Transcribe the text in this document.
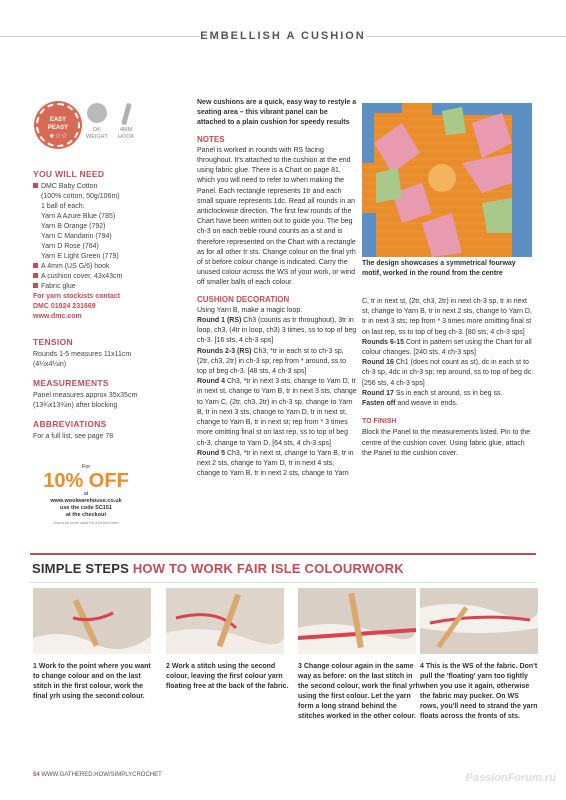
EMBELLISH A CUSHION
EASY
PEASY
★☆☆
DK
WEIGHT
4MM
HOOK
YOU WILL NEED
DMC Baby Cotton
(100% cotton, 50g/106m)
1 ball of each:
Yarn A Azure Blue (785)
Yarn B Orange (792)
Yarn C Mandarin (794)
Yarn D Rose (764)
Yarn E Light Green (779)
A 4mm (US G/6) hook
A cushion cover, 43x43cm
Fabric glue
For yarn stockists contact
DMC 01924 231669
www.dmc.com
TENSION
Rounds 1-5 measures 11x11cm
(4¼x4¼in)
MEASUREMENTS
Panel measures approx 35x35cm
(13¾x13¾in) after blocking
ABBREVIATIONS
For a full list, see page 78
For
10% OFF
at
www.woolwarehouse.co.uk
use the code SC151
at the checkout
Discount code valid for a limited time

New cushions are a quick, easy way to restyle a seating area – this vibrant panel can be attached to a plain cushion for speedy results

NOTES

Panel is worked in rounds with RS facing throughout. It's attached to the cushion at the end using fabric glue. There is a Chart on page 81, which you will need to refer to when making the Panel. Each rectangle represents 1tr and each small square represents 1dc. Read all rounds in an anticlockwise direction. The first few rounds of the Chart have been written out to guide you. The beg ch-3 on each treble round counts as a st and is therefore represented on the Chart with a rectangle as for all other tr sts. Change colour on the final yrh of st before colour change is indicated. Carry the unused colour across the WS of your work, or wind off smaller balls of each colour.

CUSHION DECORATION

Using Yarn B, make a magic loop.

Round 1 (RS) Ch3 (counts as tr throughout), 3tr in loop, ch3, (4tr in loop, ch3) 3 times, ss to top of beg ch-3. [16 sts, 4 ch-3 sps]

Rounds 2-3 (RS) Ch3, *tr in each st to ch-3 sp, (2tr, ch3, 2tr) in ch-3 sp; rep from * around, ss to top of beg ch-3. [48 sts, 4 ch-3 sps]

Round 4 Ch3, *tr in next 3 sts, change to Yarn D, tr in next st, change to Yarn B, tr in next 3 sts, change to Yarn C, (2tr, ch3, 2tr) in ch-3 sp, change to Yarn B, tr in next 3 sts, change to Yarn D, tr in next st, change to Yarn B, tr in next st; rep from * 3 times more omitting final st on last rep, ss to top of beg ch-3, change to Yarn D. [64 sts, 4 ch-3 sps]

Round 5 Ch3, *tr in next st, change to Yarn B, tr in next 2 sts, change to Yarn D, tr in next 4 sts, change to Yarn B, tr in next 2 sts, change to Yarn

The design showcases a symmetrical fourway motif, worked in the round from the centre

C, tr in next st, (2tr, ch3, 2tr) in next ch-3 sp, tr in next st, change to Yarn B, tr in next 2 sts, change to Yarn D, tr in next 3 sts; rep from * 3 times more omitting final st on last rep, ss to top of beg ch-3. [80 sts, 4 ch-3 sps]

Rounds 6-15 Cont in pattern set using the Chart for all colour changes. [240 sts, 4 ch-3 sps]

Round 16 Ch1 (does not count as st), dc in each st to ch-3 sp, 4dc in ch-3 sp; rep around, ss to top of beg dc. [256 sts, 4 ch-3 sps]

Round 17 Ss in each st around, ss in beg ss.

Fasten off and weave in ends.

TO FINISH

Block the Panel to the measurements listed. Pin to the centre of the cushion cover. Using fabric glue, attach the Panel to the cushion cover.

SIMPLE STEPS HOW TO WORK FAIR ISLE COLOURWORK
1 Work to the point where you want to change colour and on the last stitch in the first colour, work the final yrh using the second colour.
2 Work a stitch using the second colour, leaving the first colour yarn floating free at the back of the fabric.
3 Change colour again in the same way as before: on the last stitch in the second colour, work the final yrh using the first colour. Let the yarn form a long strand behind the stitches worked in the other colour.
4 This is the WS of the fabric. Don't pull the 'floating' yarn too tightly when you use it again, otherwise the fabric may pucker. On WS rows, you'll need to strand the yarn floats across the fronts of sts.
54 WWW.GATHERED.HOW/SIMPLYCROCHET	PassionForum.ru
